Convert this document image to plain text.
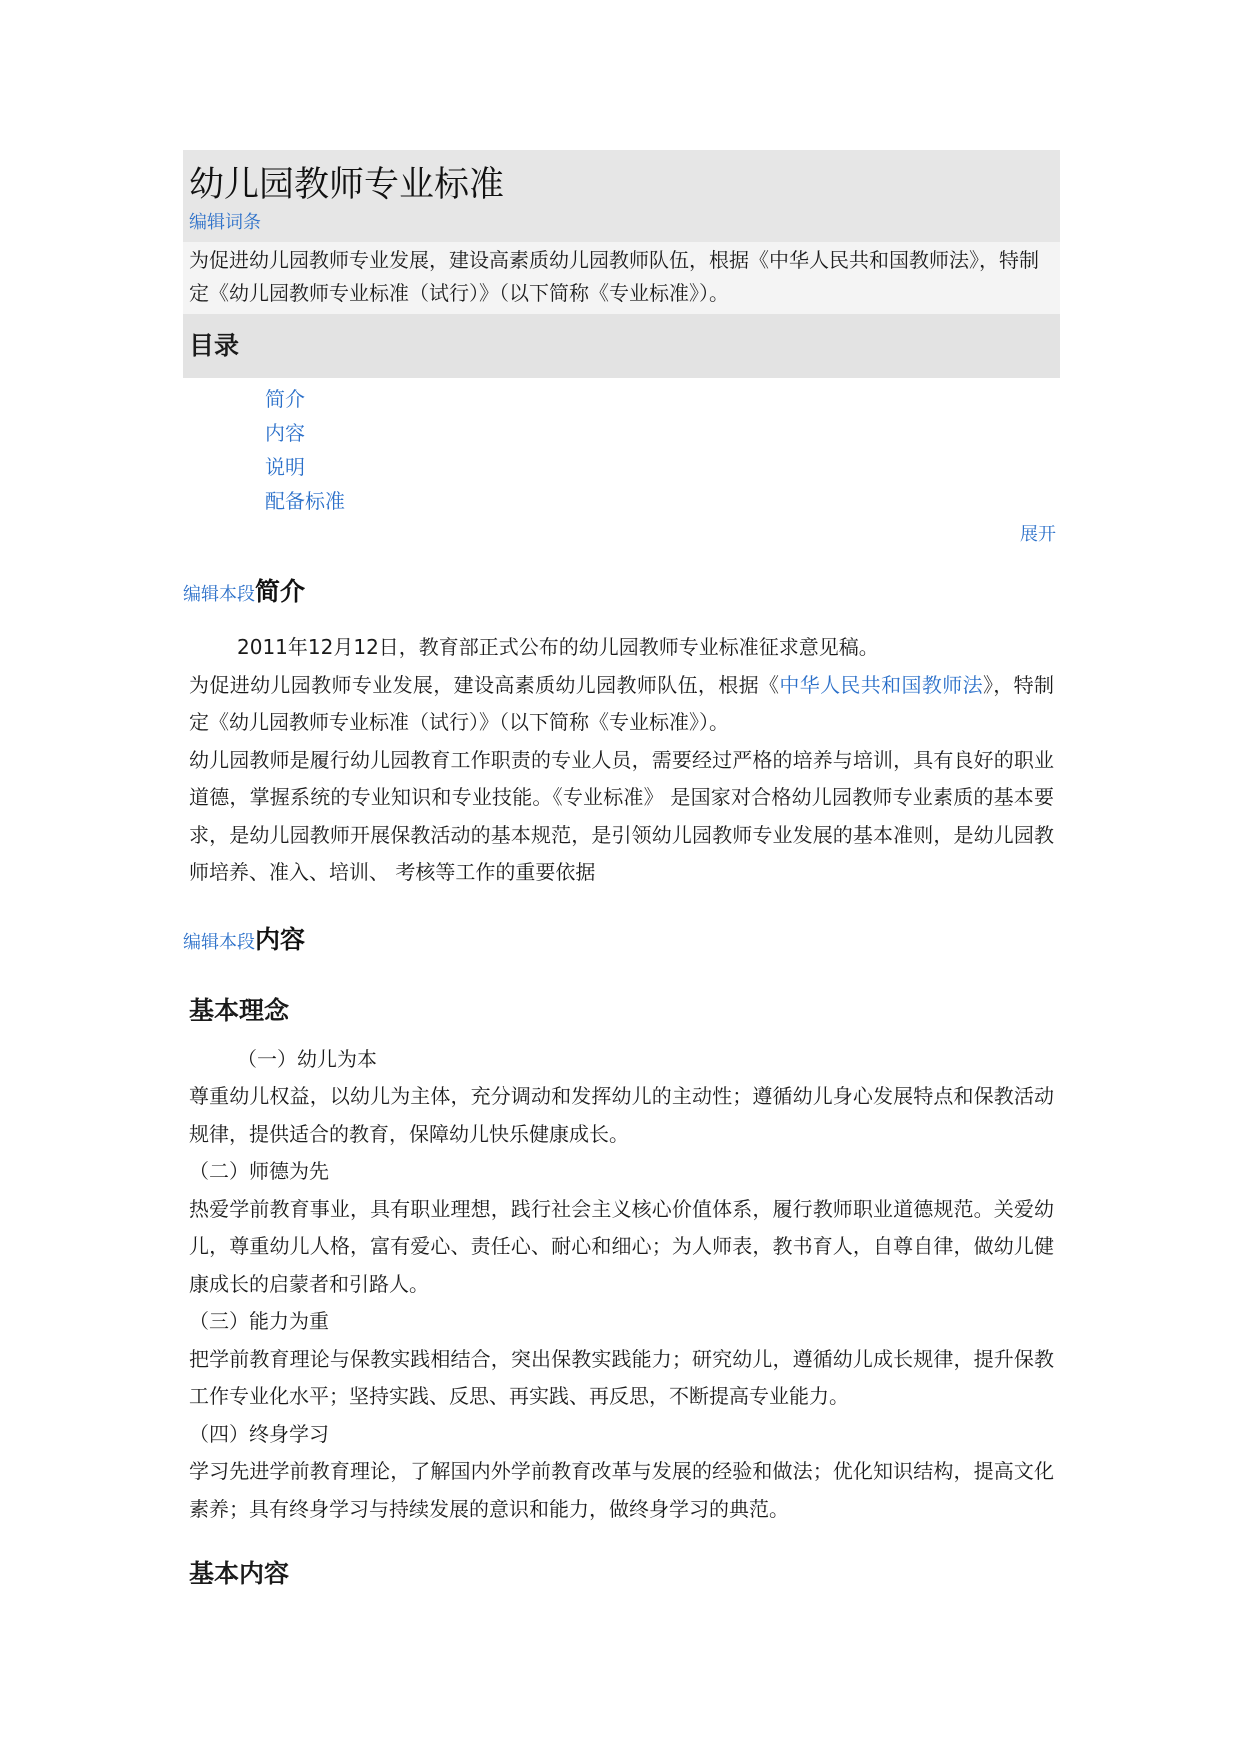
幼儿园教师专业标准
编辑词条
为促进幼儿园教师专业发展，建设高素质幼儿园教师队伍，根据《中华人民共和国教师法》，特制定《幼儿园教师专业标准（试行）》（以下简称《专业标准》）。
目录
简介
内容
说明
配备标准
展开
编辑本段简介

2011年12月12日，教育部正式公布的幼儿园教师专业标准征求意见稿。

为促进幼儿园教师专业发展，建设高素质幼儿园教师队伍，根据《中华人民共和国教师法》，特制定《幼儿园教师专业标准（试行）》（以下简称《专业标准》）。

幼儿园教师是履行幼儿园教育工作职责的专业人员，需要经过严格的培养与培训，具有良好的职业道德，掌握系统的专业知识和专业技能。《专业标准》 是国家对合格幼儿园教师专业素质的基本要求，是幼儿园教师开展保教活动的基本规范，是引领幼儿园教师专业发展的基本准则，是幼儿园教师培养、准入、培训、 考核等工作的重要依据

编辑本段内容
基本理念

（一）幼儿为本

尊重幼儿权益，以幼儿为主体，充分调动和发挥幼儿的主动性；遵循幼儿身心发展特点和保教活动规律，提供适合的教育，保障幼儿快乐健康成长。

（二）师德为先

热爱学前教育事业，具有职业理想，践行社会主义核心价值体系，履行教师职业道德规范。关爱幼儿，尊重幼儿人格，富有爱心、责任心、耐心和细心；为人师表，教书育人，自尊自律，做幼儿健康成长的启蒙者和引路人。

（三）能力为重

把学前教育理论与保教实践相结合，突出保教实践能力；研究幼儿，遵循幼儿成长规律，提升保教工作专业化水平；坚持实践、反思、再实践、再反思，不断提高专业能力。

（四）终身学习

学习先进学前教育理论，了解国内外学前教育改革与发展的经验和做法；优化知识结构，提高文化素养；具有终身学习与持续发展的意识和能力，做终身学习的典范。

基本内容
